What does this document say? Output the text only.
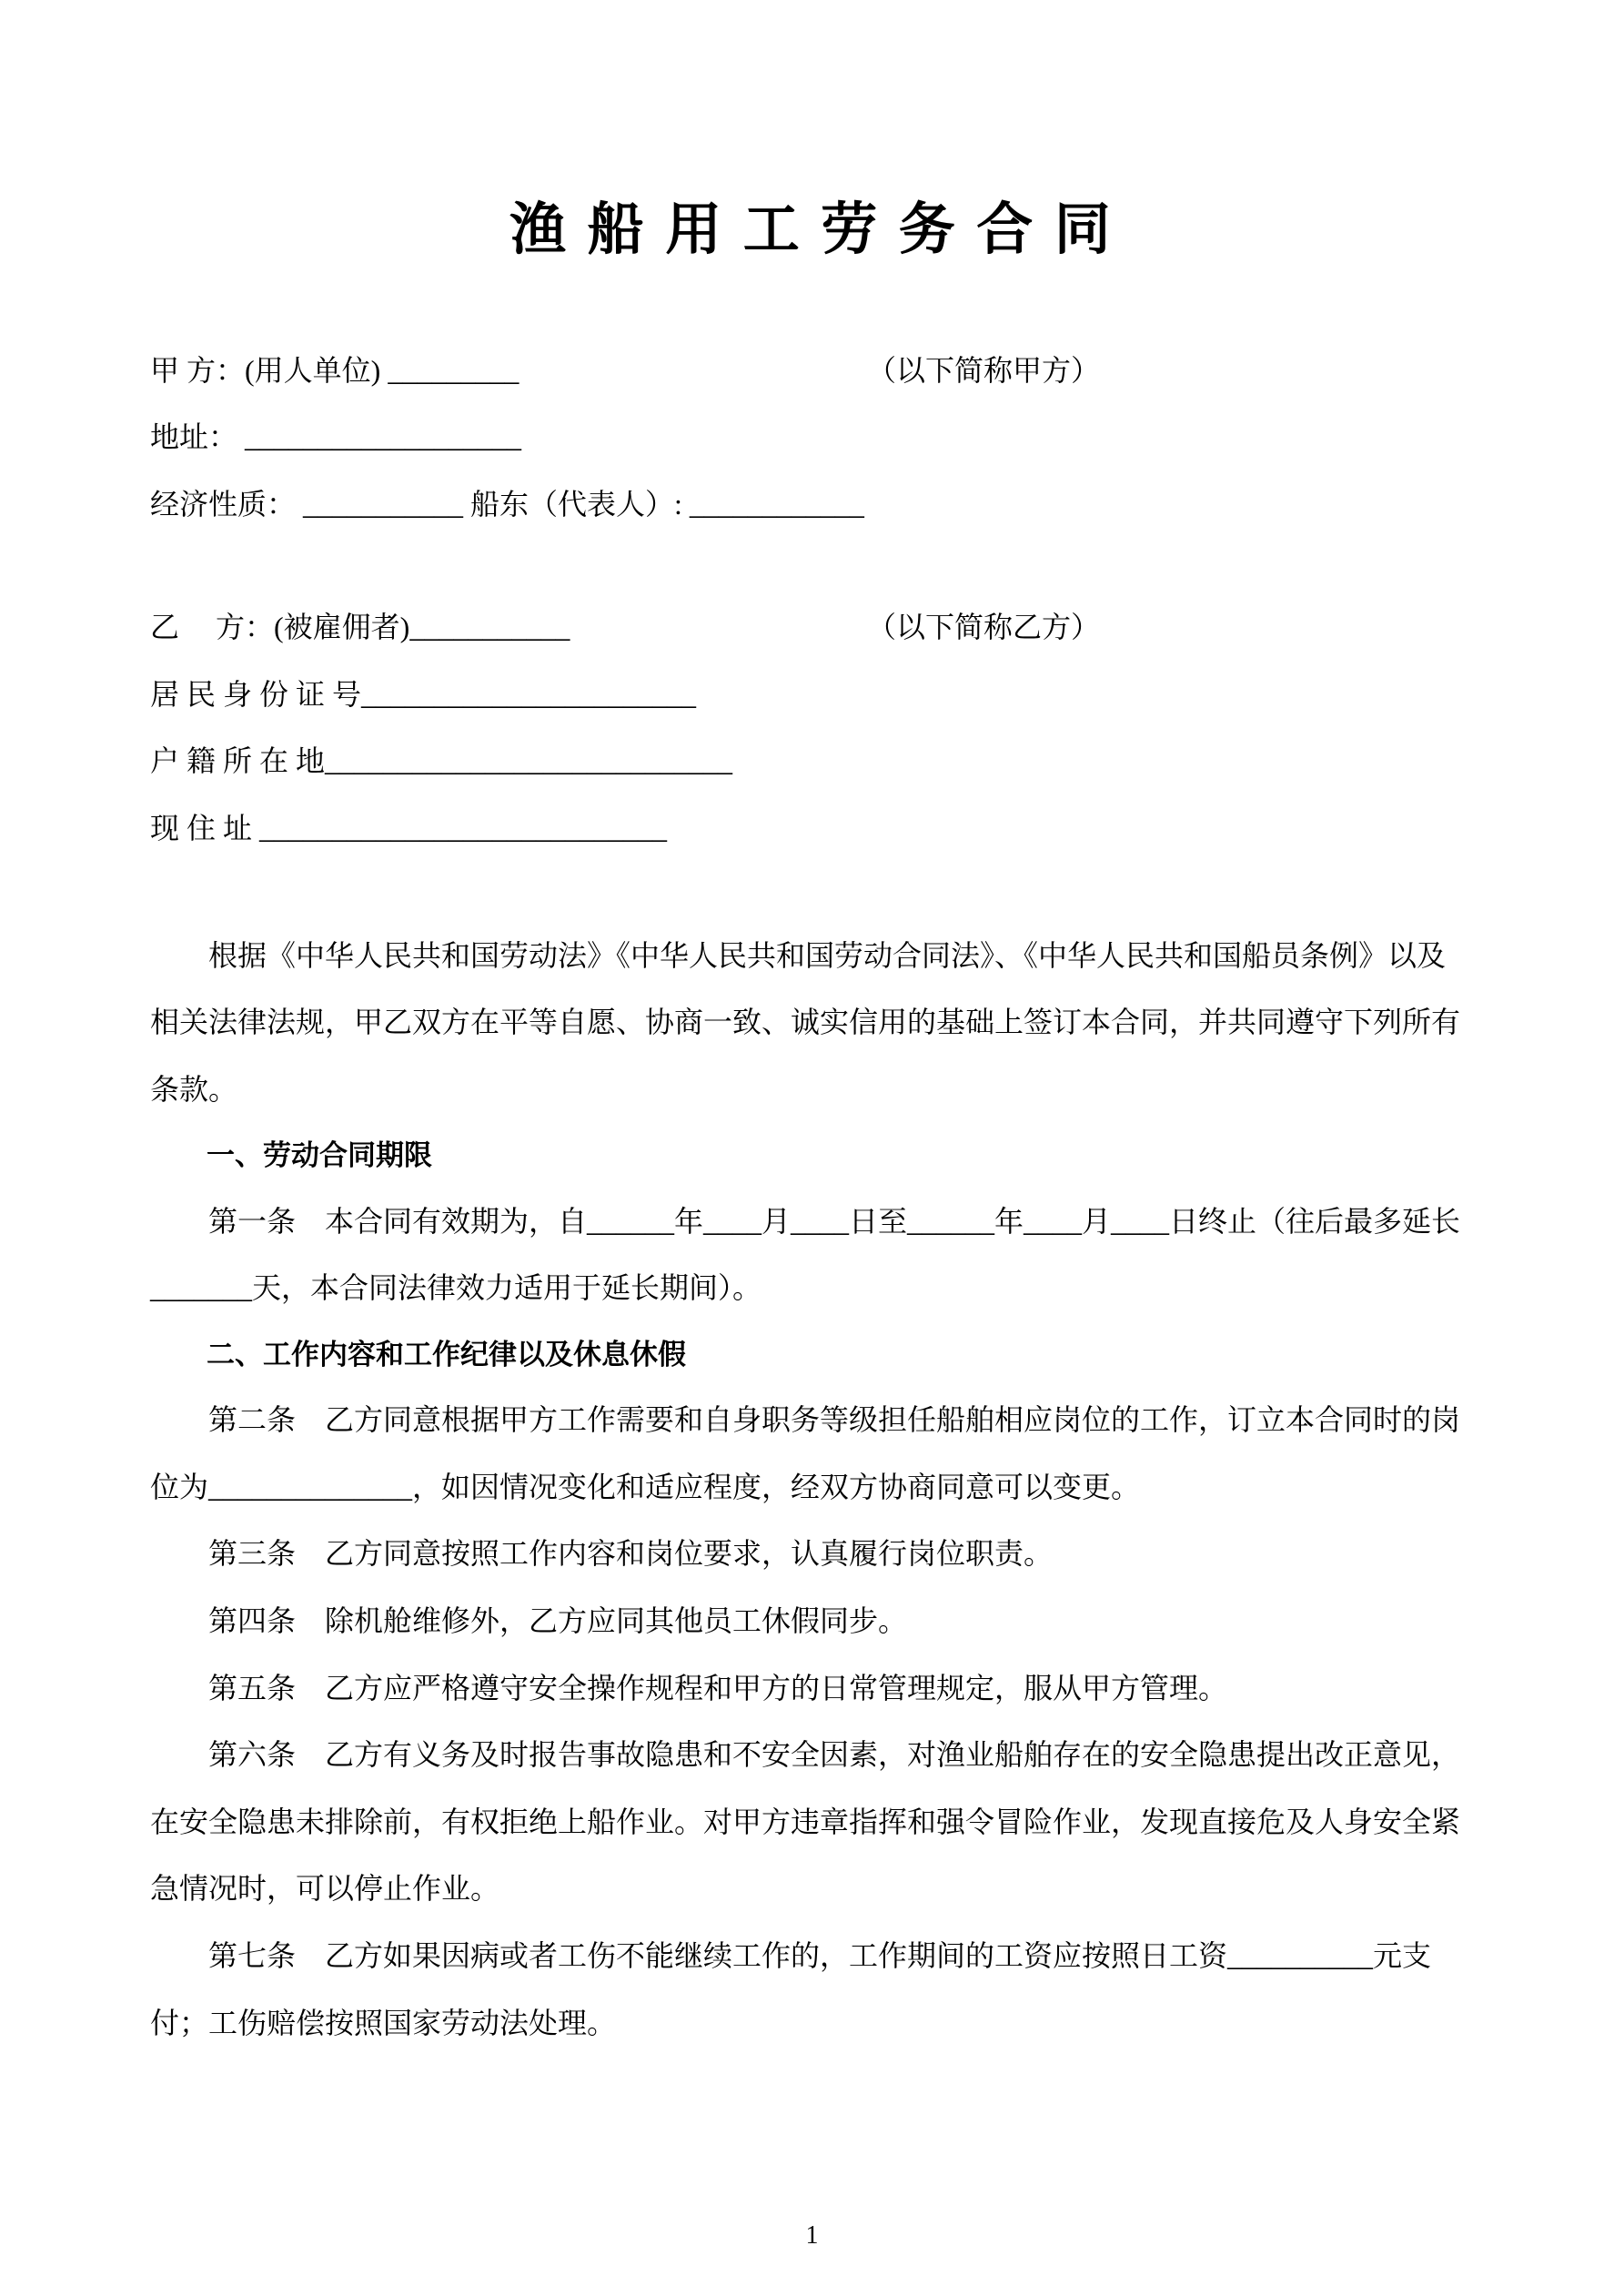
渔 船 用 工 劳 务 合 同
甲 方：(用人单位) _________	（以下简称甲方）
地址： ___________________
经济性质： ___________ 船东（代表人）: ____________
乙　 方：(被雇佣者)___________	（以下简称乙方）
居 民 身 份 证 号_______________________
户 籍 所 在 地____________________________
现 住 址 ____________________________

根据《中华人民共和国劳动法》《中华人民共和国劳动合同法》、《中华人民共和国船员条例》以及相关法律法规，甲乙双方在平等自愿、协商一致、诚实信用的基础上签订本合同，并共同遵守下列所有条款。

一、劳动合同期限

第一条　本合同有效期为，自______年____月____日至______年____月____日终止（往后最多延长 _______天，本合同法律效力适用于延长期间）。

二、工作内容和工作纪律以及休息休假

第二条　乙方同意根据甲方工作需要和自身职务等级担任船舶相应岗位的工作，订立本合同时的岗位为______________，如因情况变化和适应程度，经双方协商同意可以变更。

第三条　乙方同意按照工作内容和岗位要求，认真履行岗位职责。

第四条　除机舱维修外，乙方应同其他员工休假同步。

第五条　乙方应严格遵守安全操作规程和甲方的日常管理规定，服从甲方管理。

第六条　乙方有义务及时报告事故隐患和不安全因素，对渔业船舶存在的安全隐患提出改正意见，在安全隐患未排除前，有权拒绝上船作业。对甲方违章指挥和强令冒险作业，发现直接危及人身安全紧急情况时，可以停止作业。

第七条　乙方如果因病或者工伤不能继续工作的，工作期间的工资应按照日工资__________元支付；工伤赔偿按照国家劳动法处理。

1
